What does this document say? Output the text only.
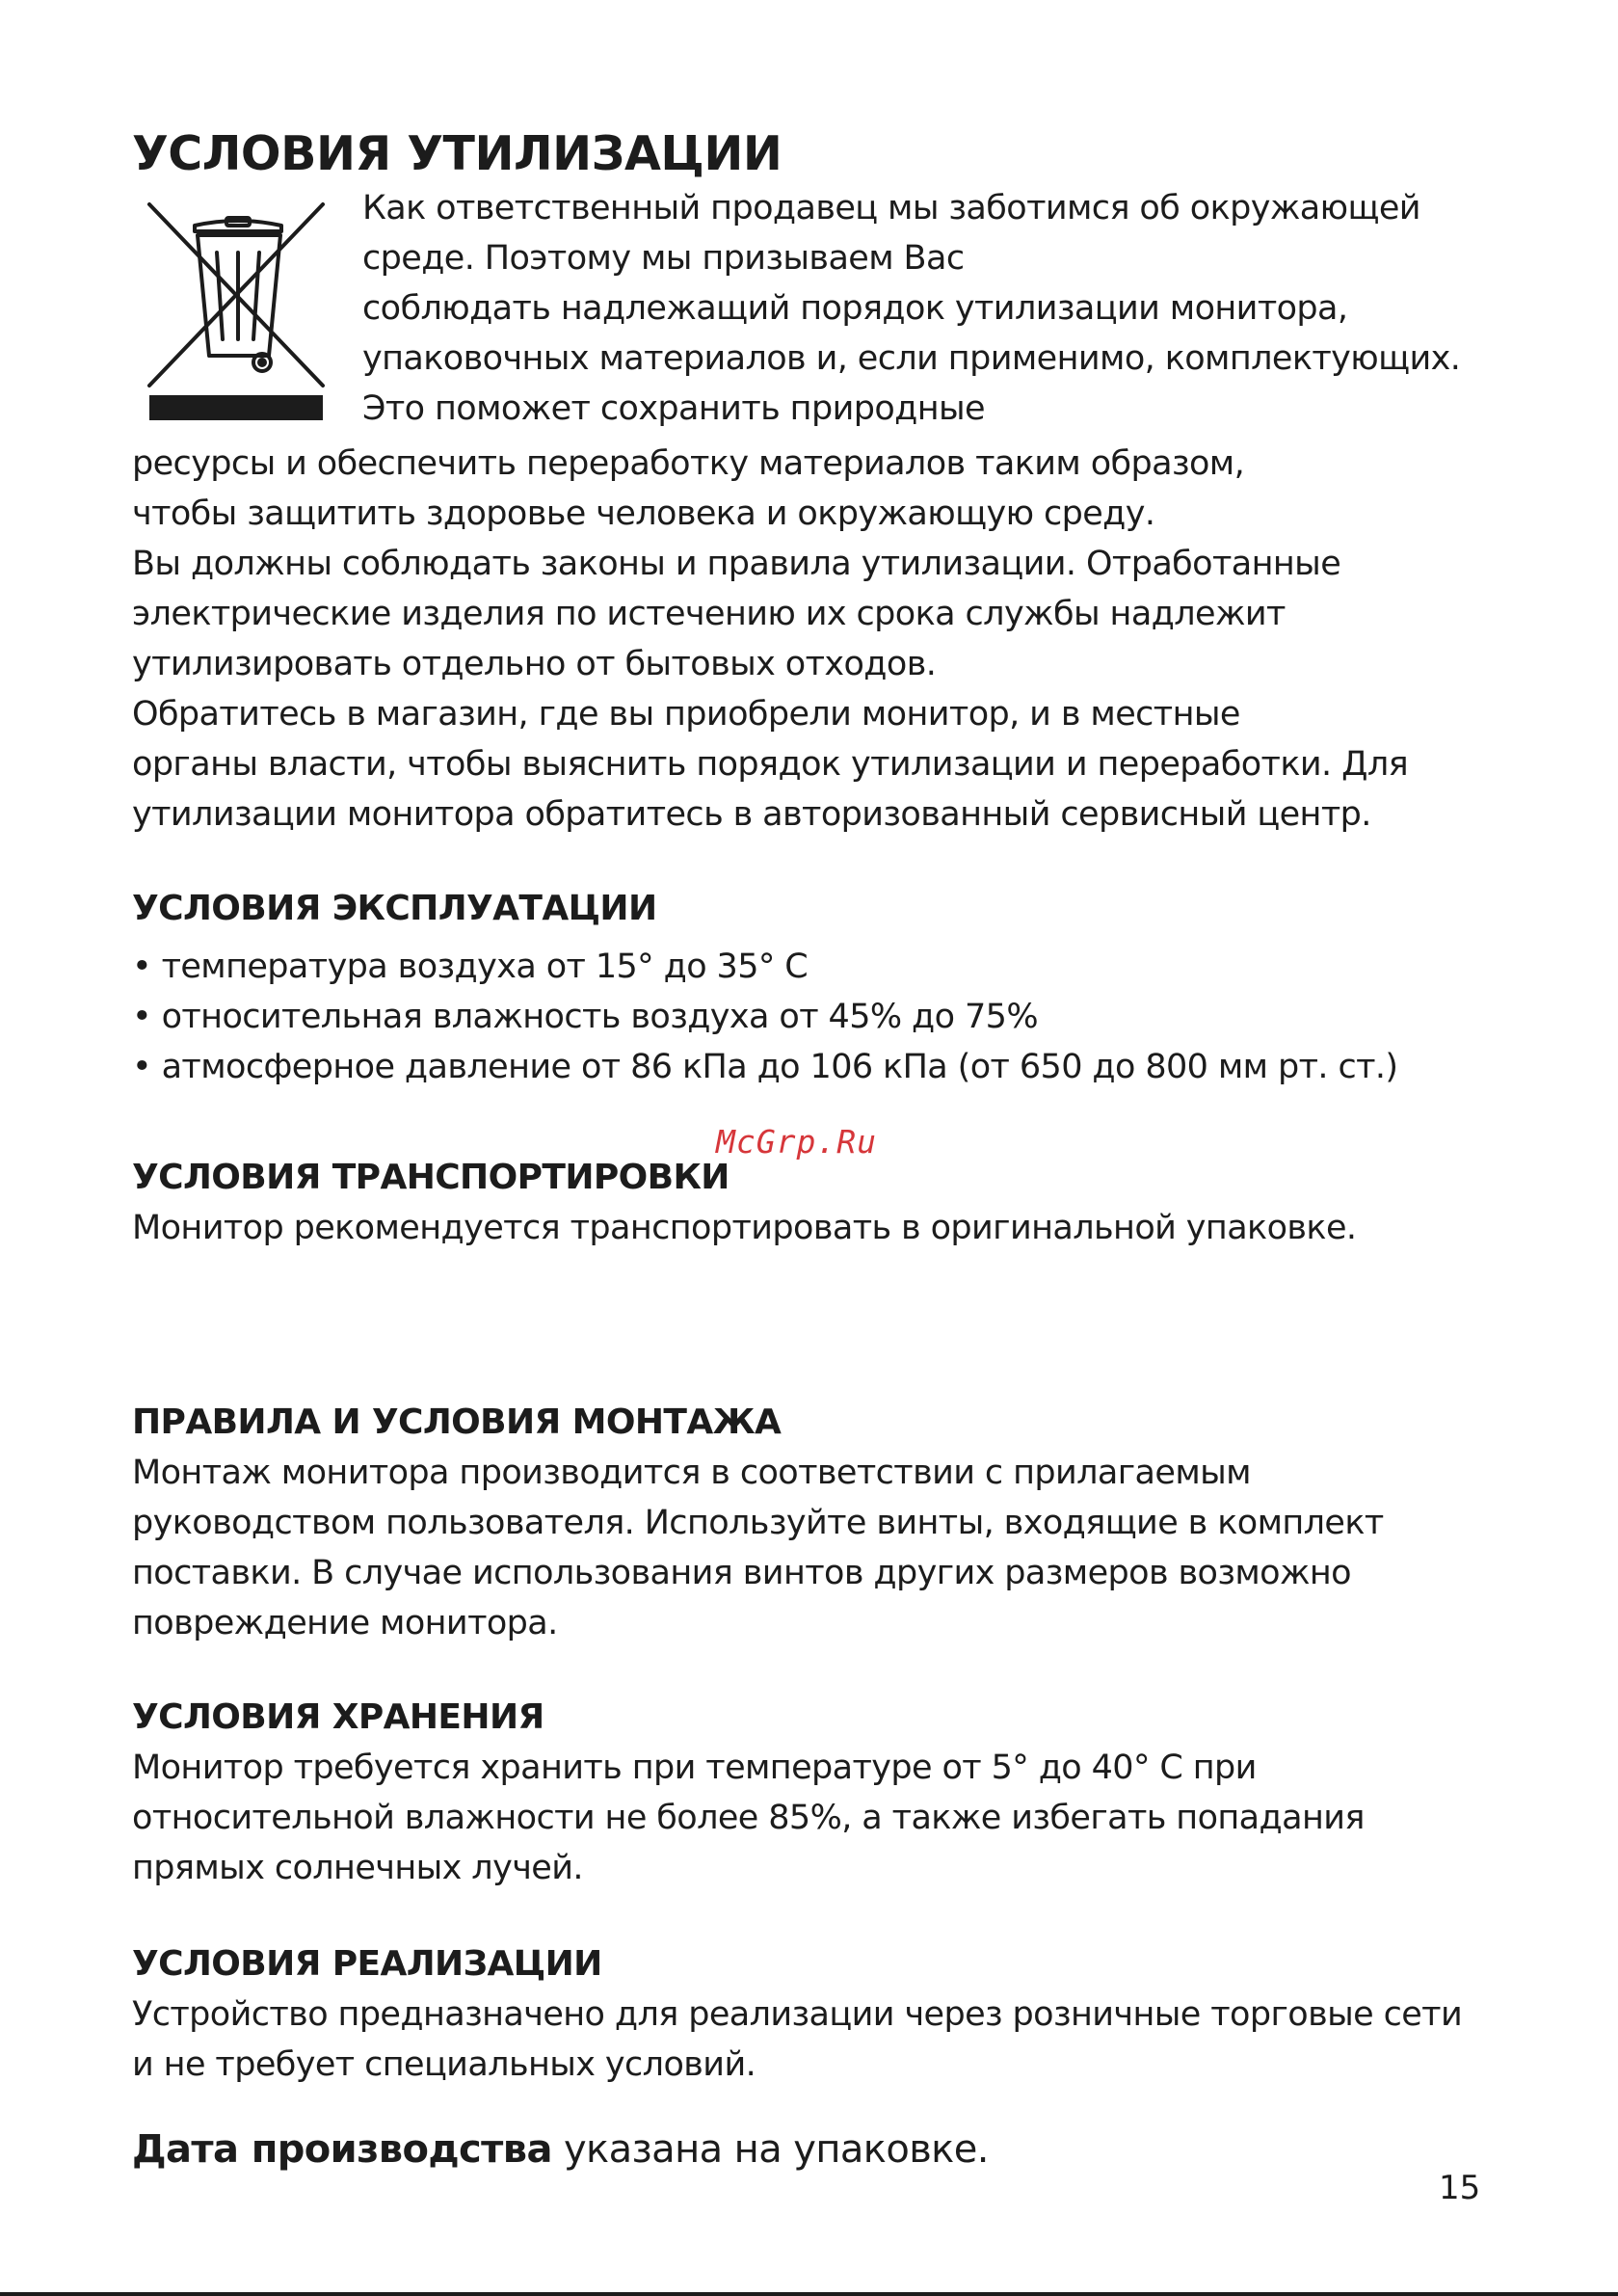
УСЛОВИЯ УТИЛИЗАЦИИ
Как ответственный продавец мы заботимся об окружающей
среде. Поэтому мы призываем Вас
соблюдать надлежащий порядок утилизации монитора,
упаковочных материалов и, если применимо, комплектующих.
Это поможет сохранить природные
ресурсы и обеспечить переработку материалов таким образом,
чтобы защитить здоровье человека и окружающую среду.
Вы должны соблюдать законы и правила утилизации. Отработанные
электрические изделия по истечению их срока службы надлежит
утилизировать отдельно от бытовых отходов.
Обратитесь в магазин, где вы приобрели монитор, и в местные
органы власти, чтобы выяснить порядок утилизации и переработки. Для
утилизации монитора обратитесь в авторизованный сервисный центр.
УСЛОВИЯ ЭКСПЛУАТАЦИИ
• температура воздуха от 15° до 35° С
• относительная влажность воздуха от 45% до 75%
• атмосферное давление от 86 кПа до 106 кПа (от 650 до 800 мм рт. ст.)
УСЛОВИЯ ТРАНСПОРТИРОВКИ
Монитор рекомендуется транспортировать в оригинальной упаковке.
ПРАВИЛА И УСЛОВИЯ МОНТАЖА
Монтаж монитора производится в соответствии с прилагаемым
руководством пользователя. Используйте винты, входящие в комплект
поставки. В случае использования винтов других размеров возможно
повреждение монитора.
УСЛОВИЯ ХРАНЕНИЯ
Монитор требуется хранить при температуре от 5° до 40° С при
относительной влажности не более 85%, а также избегать попадания
прямых солнечных лучей.
УСЛОВИЯ РЕАЛИЗАЦИИ
Устройство предназначено для реализации через розничные торговые сети
и не требует специальных условий.
Дата производства указана на упаковке.
McGrp.Ru
15
